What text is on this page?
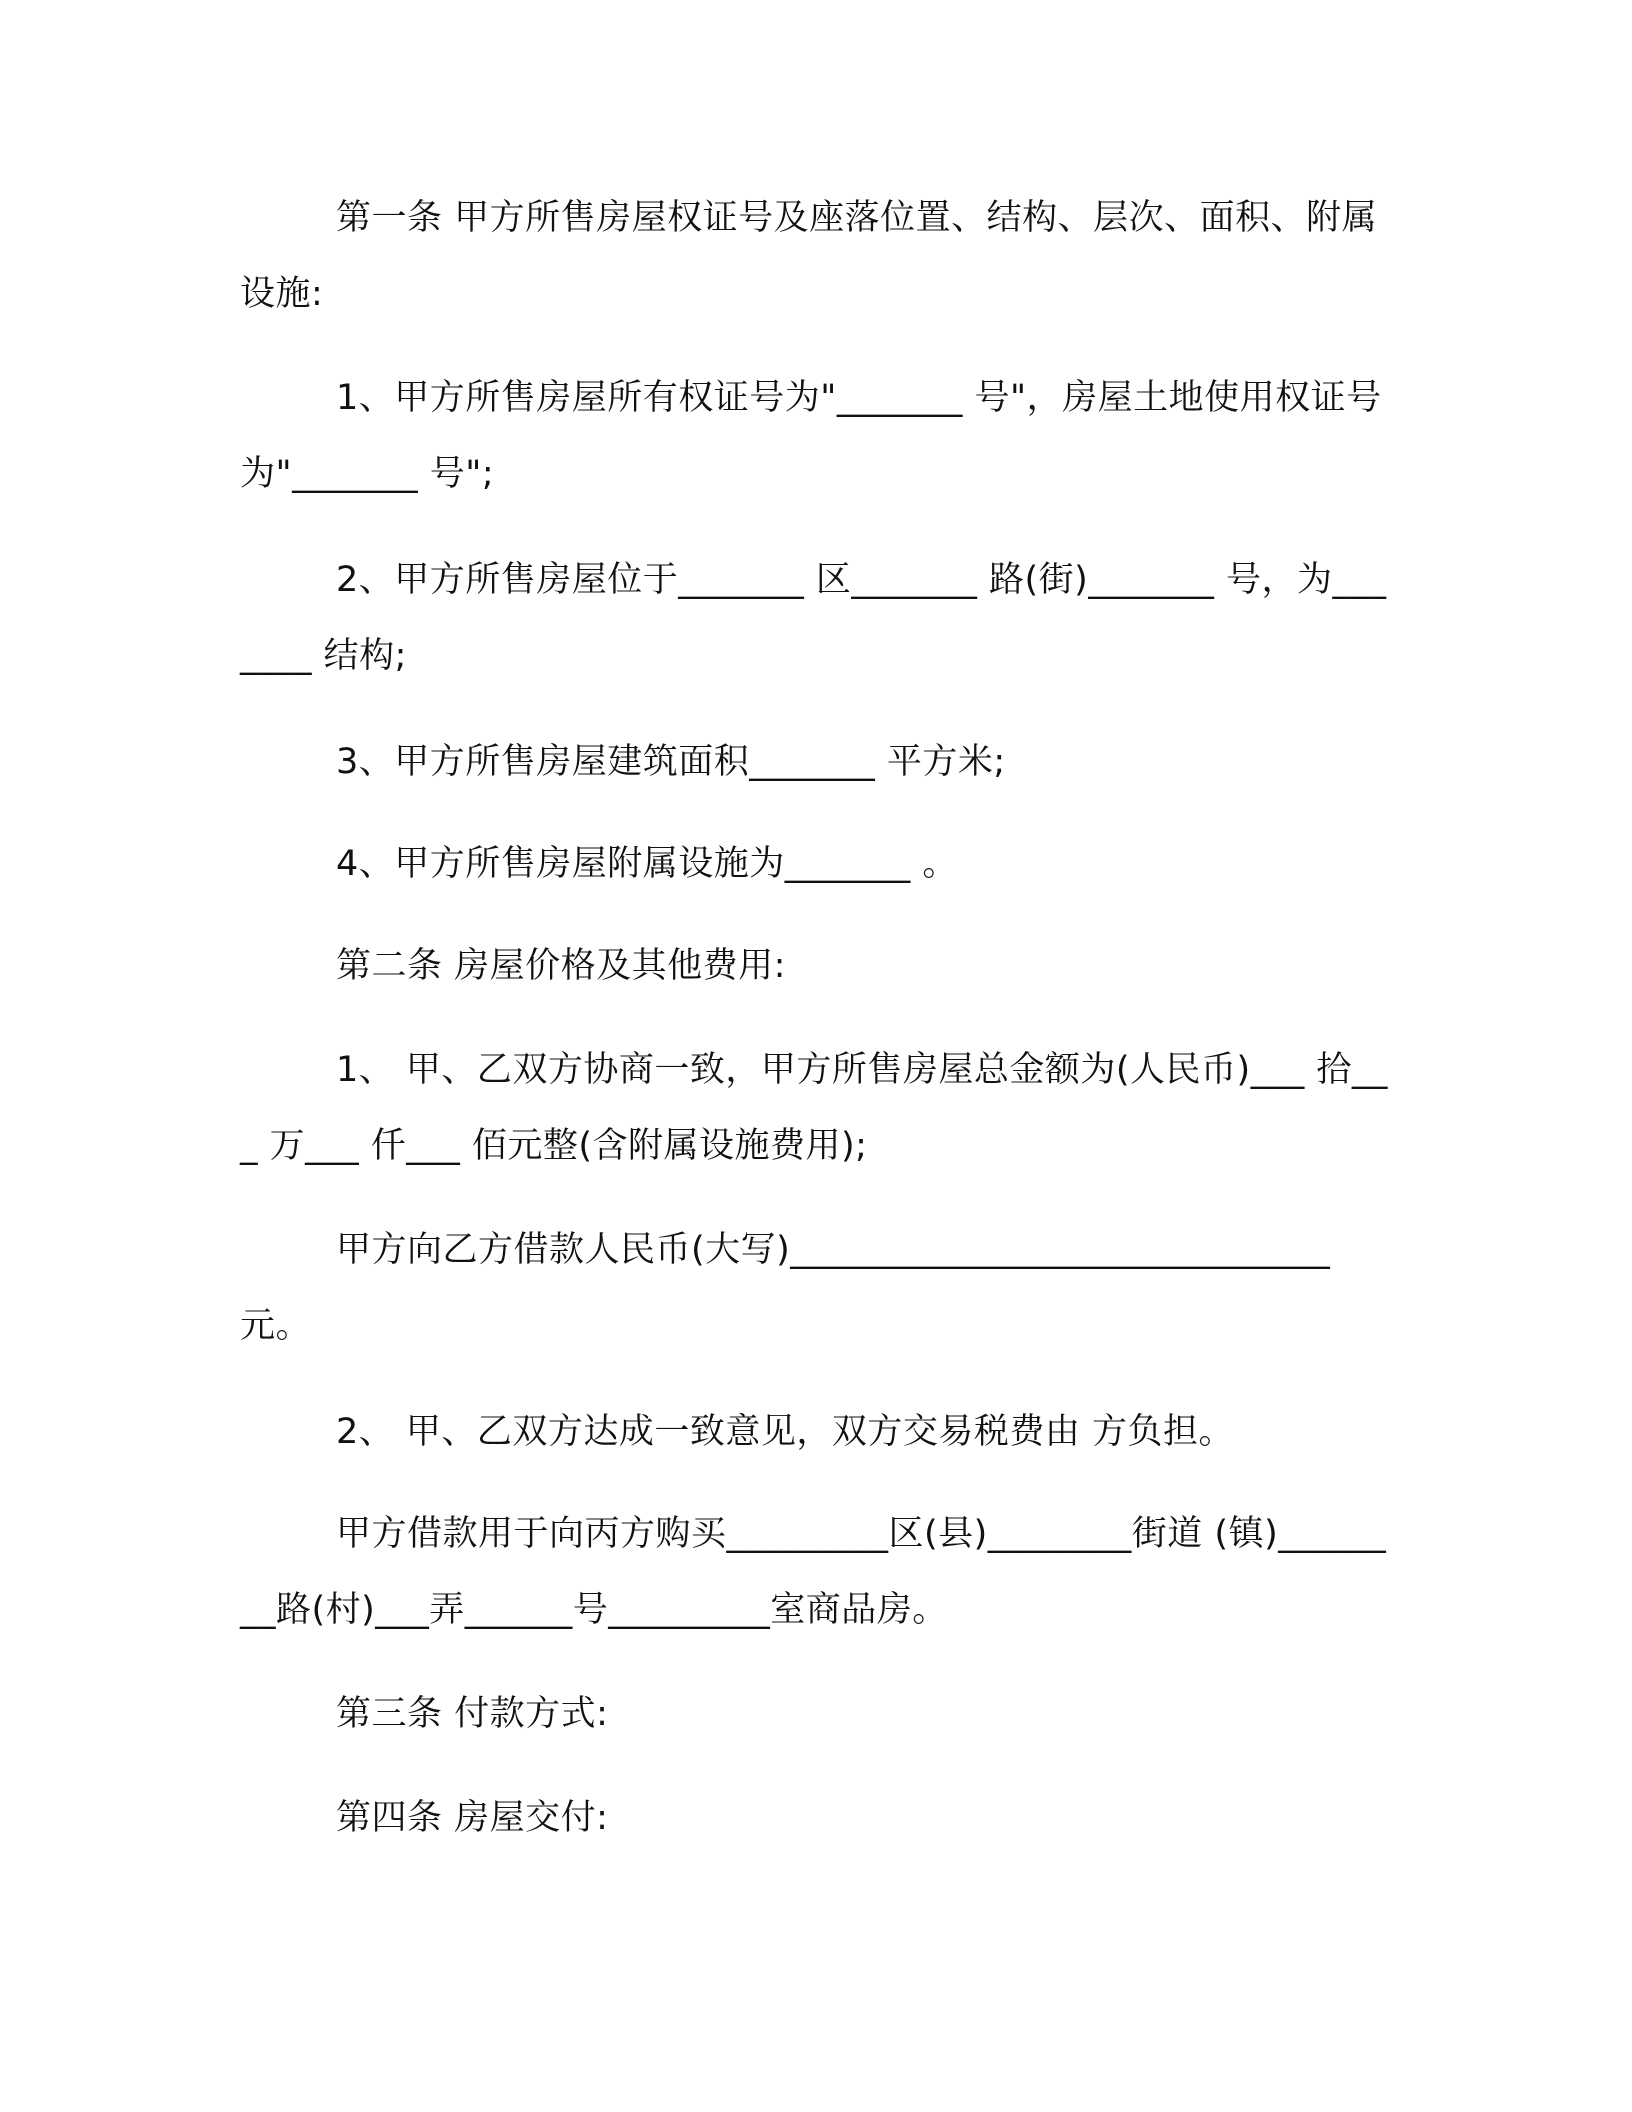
第一条 甲方所售房屋权证号及座落位置、结构、层次、面积、附属设施:

1、甲方所售房屋所有权证号为"_______ 号"，房屋土地使用权证号为"_______ 号";

2、甲方所售房屋位于_______ 区_______ 路(街)_______ 号，为_______ 结构;

3、甲方所售房屋建筑面积_______ 平方米;

4、甲方所售房屋附属设施为_______ 。

第二条 房屋价格及其他费用:

1、 甲、乙双方协商一致，甲方所售房屋总金额为(人民币)___ 拾___ 万___ 仟___ 佰元整(含附属设施费用);

甲方向乙方借款人民币(大写)______________________________ 元。

2、 甲、乙双方达成一致意见，双方交易税费由 方负担。

甲方借款用于向丙方购买_________区(县)________街道 (镇)________路(村)___弄______号_________室商品房。

第三条 付款方式:

第四条 房屋交付:
